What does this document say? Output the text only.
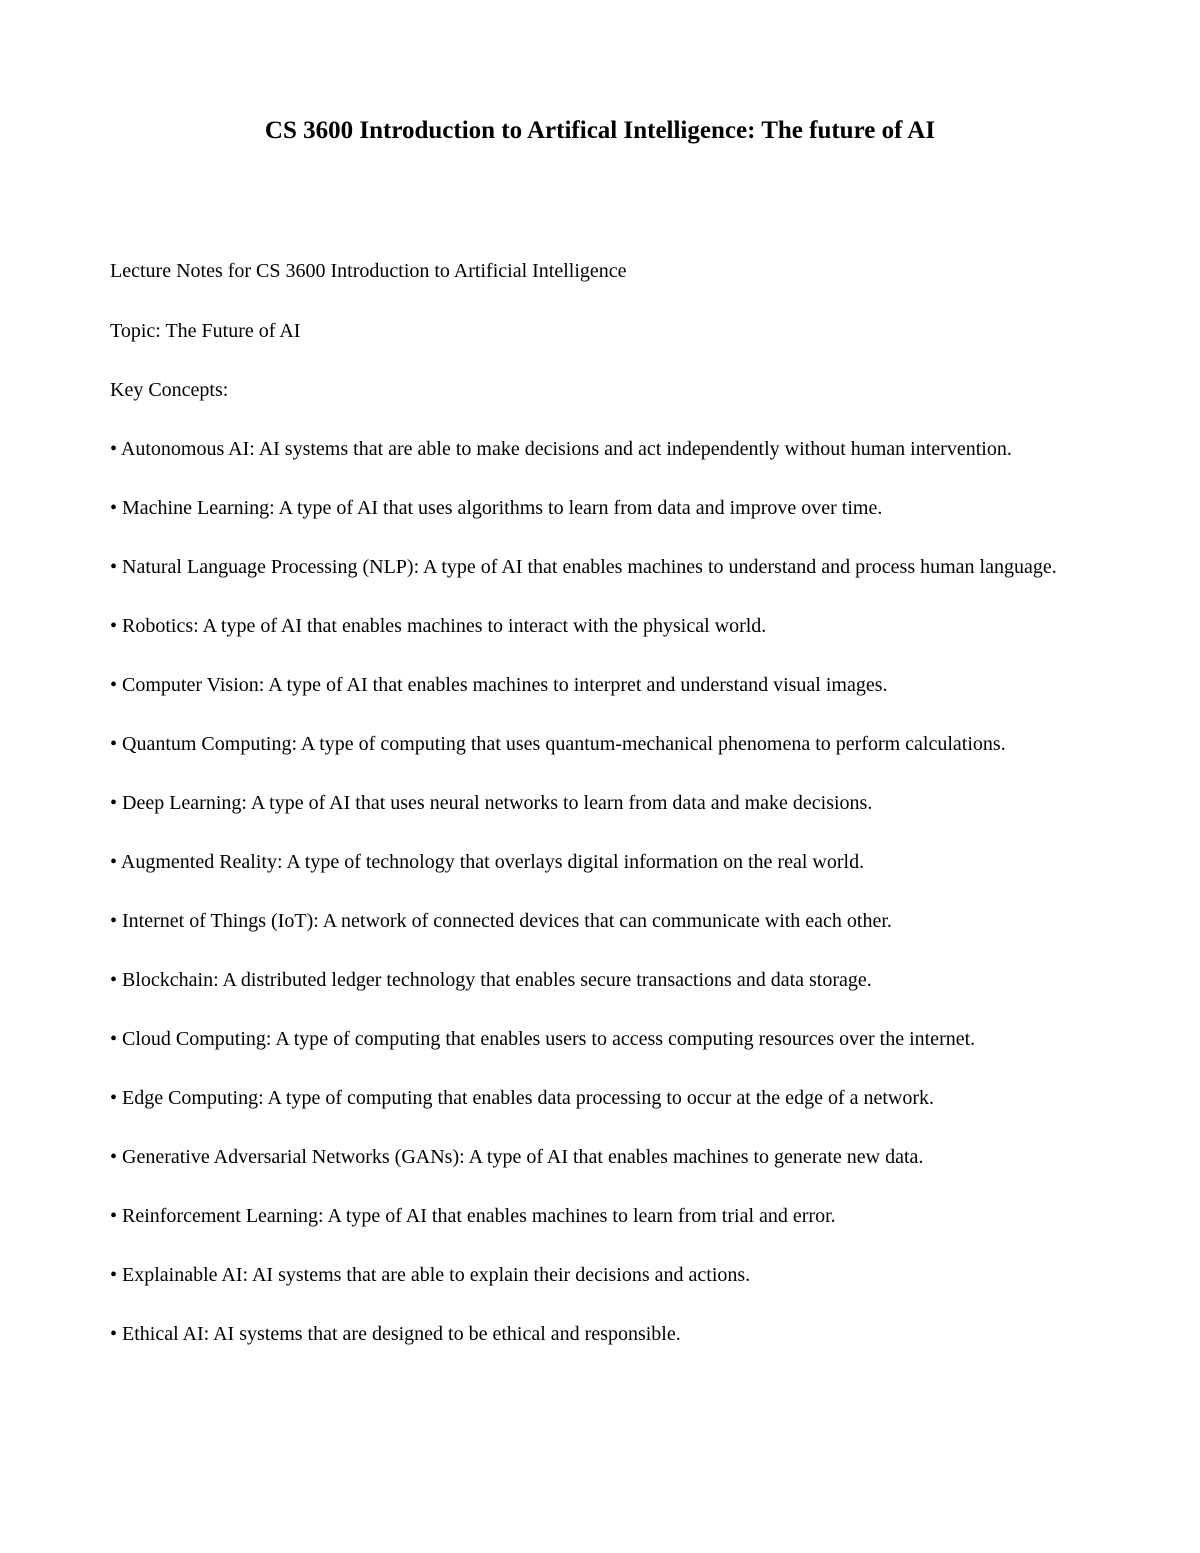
CS 3600 Introduction to Artifical Intelligence: The future of AI

Lecture Notes for CS 3600 Introduction to Artificial Intelligence

Topic: The Future of AI

Key Concepts:

• Autonomous AI: AI systems that are able to make decisions and act independently without human intervention.
• Machine Learning: A type of AI that uses algorithms to learn from data and improve over time.
• Natural Language Processing (NLP): A type of AI that enables machines to understand and process human language.
• Robotics: A type of AI that enables machines to interact with the physical world.
• Computer Vision: A type of AI that enables machines to interpret and understand visual images.
• Quantum Computing: A type of computing that uses quantum-mechanical phenomena to perform calculations.
• Deep Learning: A type of AI that uses neural networks to learn from data and make decisions.
• Augmented Reality: A type of technology that overlays digital information on the real world.
• Internet of Things (IoT): A network of connected devices that can communicate with each other.
• Blockchain: A distributed ledger technology that enables secure transactions and data storage.
• Cloud Computing: A type of computing that enables users to access computing resources over the internet.
• Edge Computing: A type of computing that enables data processing to occur at the edge of a network.
• Generative Adversarial Networks (GANs): A type of AI that enables machines to generate new data.
• Reinforcement Learning: A type of AI that enables machines to learn from trial and error.
• Explainable AI: AI systems that are able to explain their decisions and actions.
• Ethical AI: AI systems that are designed to be ethical and responsible.
